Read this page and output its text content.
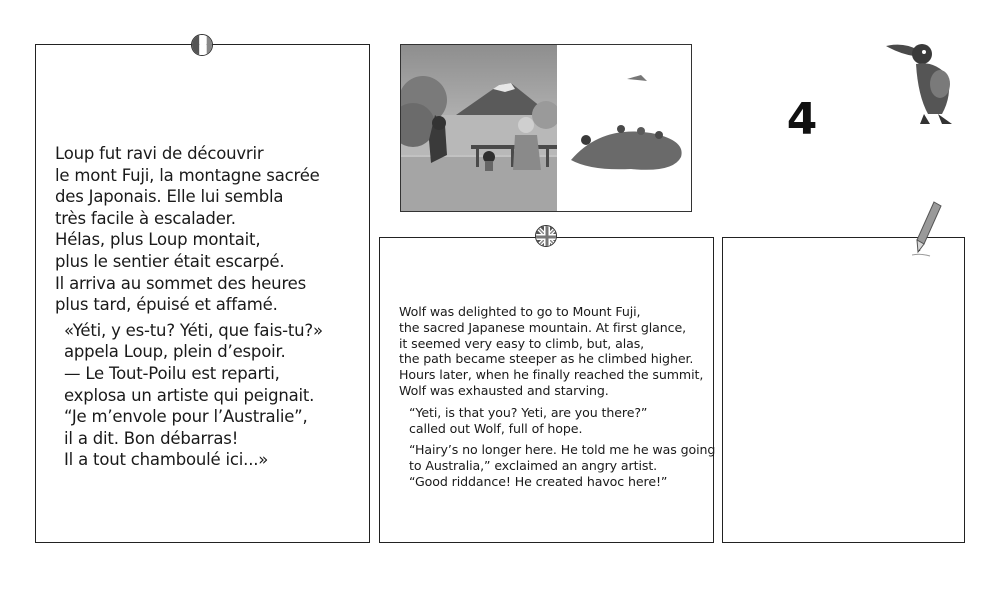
Loup fut ravi de découvrir
le mont Fuji, la montagne sacrée
des Japonais. Elle lui sembla
très facile à escalader.
Hélas, plus Loup montait,
plus le sentier était escarpé.
Il arriva au sommet des heures
plus tard, épuisé et affamé.
«Yéti, y es-tu? Yéti, que fais-tu?»
appela Loup, plein d’espoir.
— Le Tout-Poilu est reparti,
explosa un artiste qui peignait.
“Je m’envole pour l’Australie”,
il a dit. Bon débarras!
Il a tout chamboulé ici...»
4
Wolf was delighted to go to Mount Fuji,
the sacred Japanese mountain. At first glance,
it seemed very easy to climb, but, alas,
the path became steeper as he climbed higher.
Hours later, when he finally reached the summit,
Wolf was exhausted and starving.
“Yeti, is that you? Yeti, are you there?”
called out Wolf, full of hope.
“Hairy’s no longer here. He told me he was going
to Australia,” exclaimed an angry artist.
“Good riddance! He created havoc here!”
